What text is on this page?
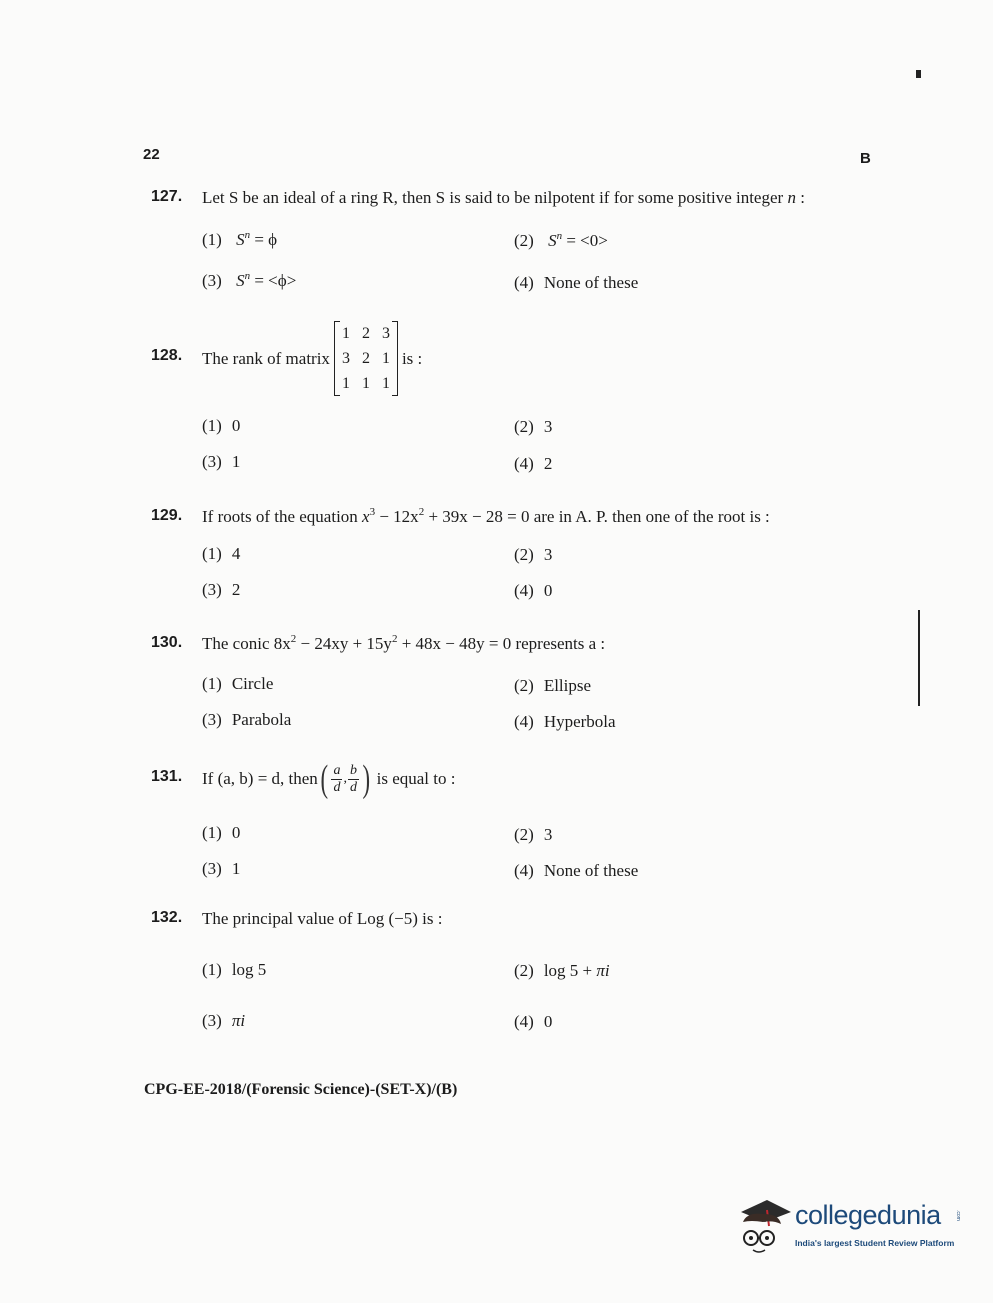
22	B
127. Let S be an ideal of a ring R, then S is said to be nilpotent if for some positive integer n :
(1) $S^n = \phi$	(2) $S^n = <0>$
(3) $S^n = <\phi>$	(4) None of these
128. The rank of matrix
1 2 3
3 2 1
1 1 1
is :
(1) 0	(2) 3
(3) 1	(4) 2
129. If roots of the equation $x^3 - 12x^2 + 39x - 28 = 0$ are in A. P. then one of the root is :
(1) 4	(2) 3
(3) 2	(4) 0
130. The conic $8x^2 - 24xy + 15y^2 + 48x - 48y = 0$ represents a :
(1) Circle	(2) Ellipse
(3) Parabola	(4) Hyperbola
131. If (a, b) = d, then ( $\frac{a}{d}$ , $\frac{b}{d}$ ) is equal to :
(1) 0	(2) 3
(3) 1	(4) None of these
132. The principal value of Log (−5) is :
(1) log 5	(2) log 5 + πi
(3) πi	(4) 0
CPG-EE-2018/(Forensic Science)-(SET-X)/(B)
collegedunia	.com
India's largest Student Review Platform
